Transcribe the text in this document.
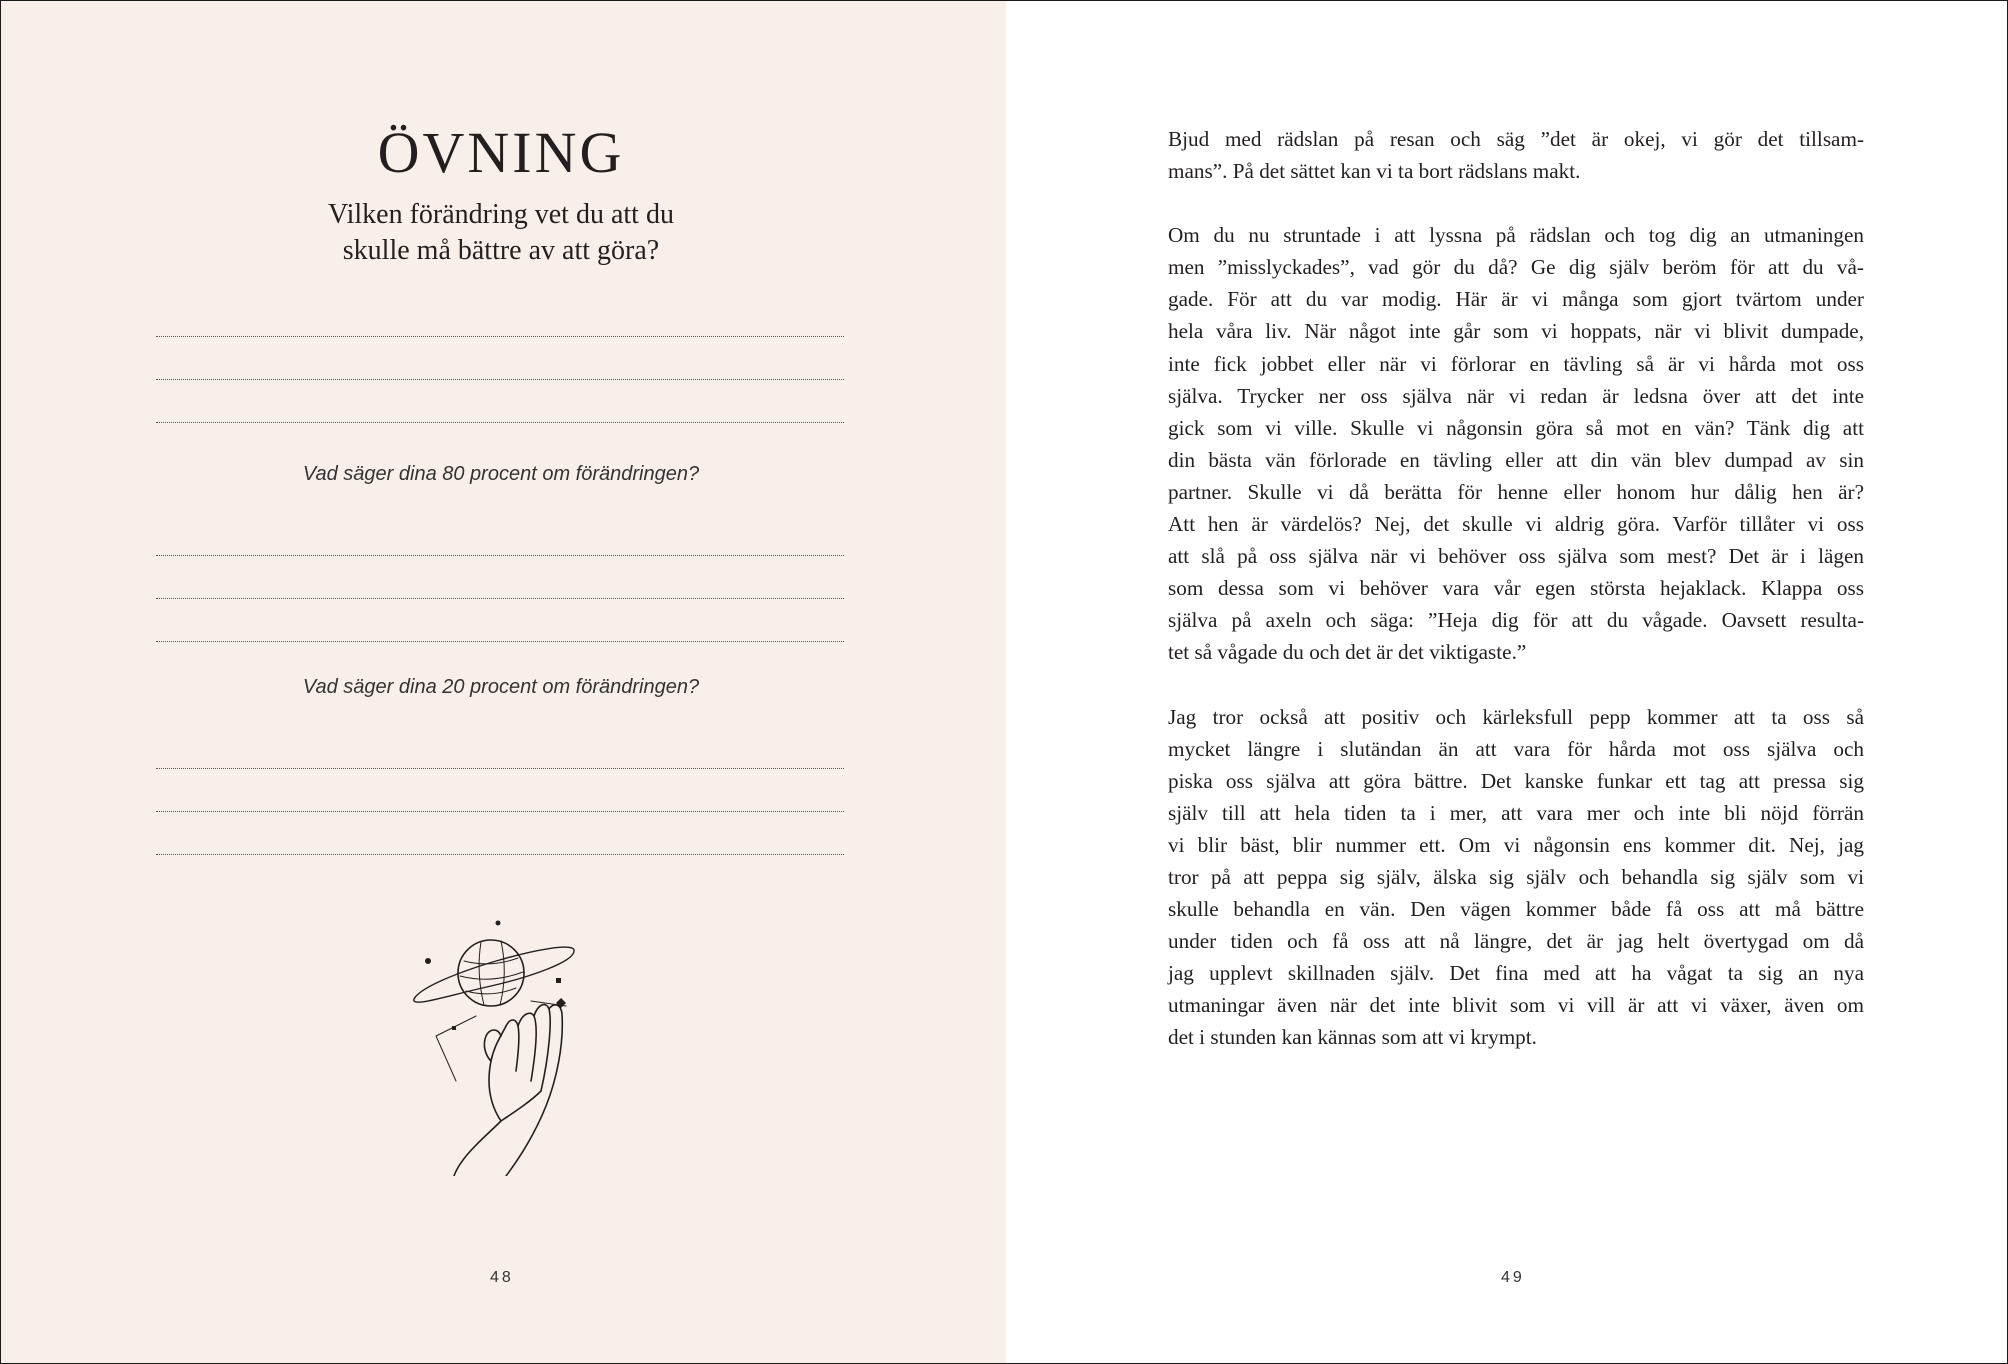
ÖVNING
Vilken förändring vet du att du
skulle må bättre av att göra?
Vad säger dina 80 procent om förändringen?
Vad säger dina 20 procent om förändringen?
48

Bjud med rädslan på resan och säg ”det är okej, vi gör det tillsam-
mans”. På det sättet kan vi ta bort rädslans makt.

Om du nu struntade i att lyssna på rädslan och tog dig an utmaningen
men ”misslyckades”, vad gör du då? Ge dig själv beröm för att du vå-
gade. För att du var modig. Här är vi många som gjort tvärtom under
hela våra liv. När något inte går som vi hoppats, när vi blivit dumpade,
inte fick jobbet eller när vi förlorar en tävling så är vi hårda mot oss
själva. Trycker ner oss själva när vi redan är ledsna över att det inte
gick som vi ville. Skulle vi någonsin göra så mot en vän? Tänk dig att
din bästa vän förlorade en tävling eller att din vän blev dumpad av sin
partner. Skulle vi då berätta för henne eller honom hur dålig hen är?
Att hen är värdelös? Nej, det skulle vi aldrig göra. Varför tillåter vi oss
att slå på oss själva när vi behöver oss själva som mest? Det är i lägen
som dessa som vi behöver vara vår egen största hejaklack. Klappa oss
själva på axeln och säga: ”Heja dig för att du vågade. Oavsett resulta-
tet så vågade du och det är det viktigaste.”

Jag tror också att positiv och kärleksfull pepp kommer att ta oss så
mycket längre i slutändan än att vara för hårda mot oss själva och
piska oss själva att göra bättre. Det kanske funkar ett tag att pressa sig
själv till att hela tiden ta i mer, att vara mer och inte bli nöjd förrän
vi blir bäst, blir nummer ett. Om vi någonsin ens kommer dit. Nej, jag
tror på att peppa sig själv, älska sig själv och behandla sig själv som vi
skulle behandla en vän. Den vägen kommer både få oss att må bättre
under tiden och få oss att nå längre, det är jag helt övertygad om då
jag upplevt skillnaden själv. Det fina med att ha vågat ta sig an nya
utmaningar även när det inte blivit som vi vill är att vi växer, även om
det i stunden kan kännas som att vi krympt.

49
